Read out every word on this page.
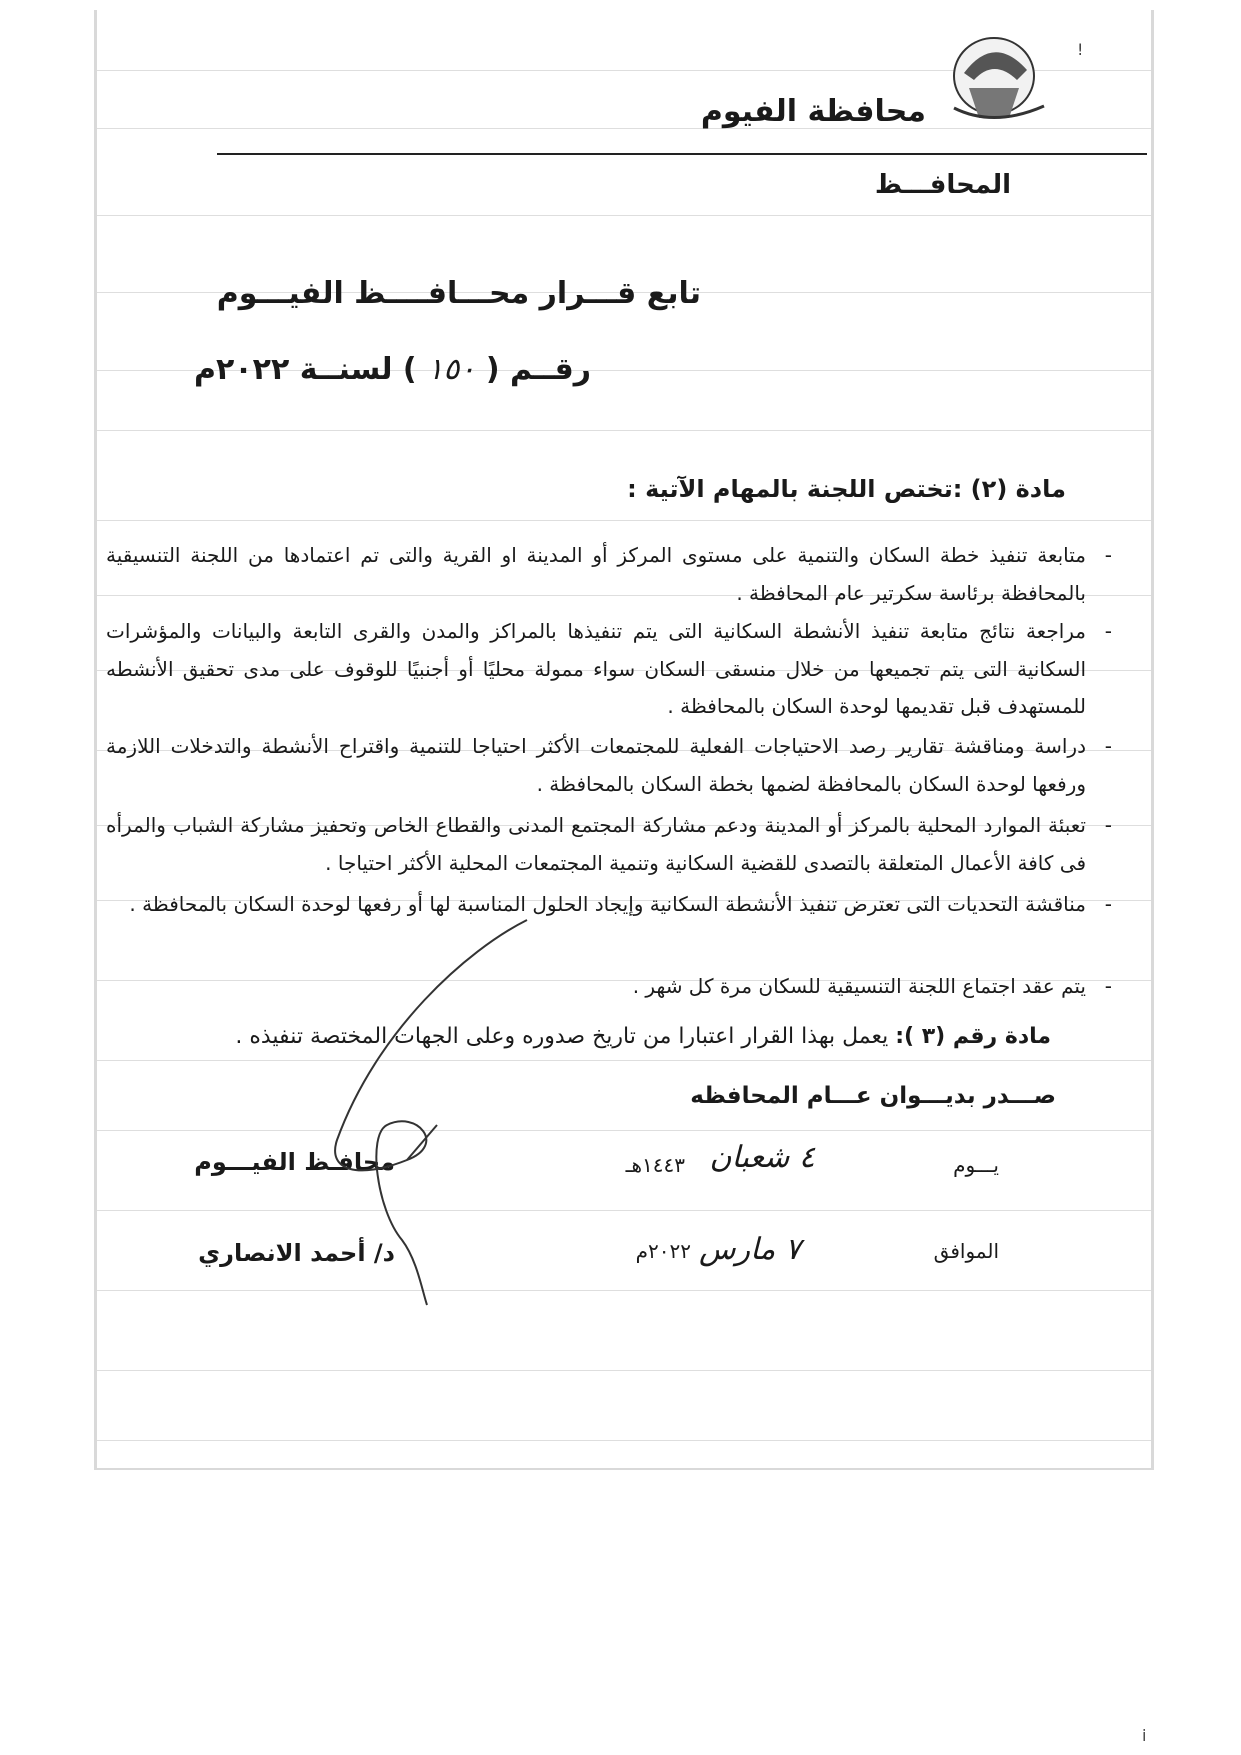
محافظة الفيوم
المحافـــظ
تابع قـــرار محـــافــــظ الفيـــوم
رقــم ( ١٥٠ ) لسنــة ٢٠٢٢م
مادة (٢) :تختص اللجنة بالمهام الآتية :
-
متابعة تنفيذ خطة السكان والتنمية على مستوى المركز أو المدينة او القرية والتى تم اعتمادها من اللجنة التنسيقية بالمحافظة برئاسة سكرتير عام المحافظة .
-
مراجعة نتائج متابعة تنفيذ الأنشطة السكانية التى يتم تنفيذها بالمراكز والمدن والقرى التابعة والبيانات والمؤشرات السكانية التى يتم تجميعها من خلال منسقى السكان سواء ممولة محليًا أو أجنبيًا للوقوف على مدى تحقيق الأنشطه للمستهدف قبل تقديمها لوحدة السكان بالمحافظة .
-
دراسة ومناقشة تقارير رصد الاحتياجات الفعلية للمجتمعات الأكثر احتياجا للتنمية واقتراح الأنشطة والتدخلات اللازمة ورفعها لوحدة السكان بالمحافظة لضمها بخطة السكان بالمحافظة .
-
تعبئة الموارد المحلية بالمركز أو المدينة ودعم مشاركة المجتمع المدنى والقطاع الخاص وتحفيز مشاركة الشباب والمرأه فى كافة الأعمال المتعلقة بالتصدى للقضية السكانية وتنمية المجتمعات المحلية الأكثر احتياجا .
-
مناقشة التحديات التى تعترض تنفيذ الأنشطة السكانية وإيجاد الحلول المناسبة لها أو رفعها لوحدة السكان بالمحافظة .
-
يتم عقد اجتماع اللجنة التنسيقية للسكان مرة كل شهر .
مادة رقم (٣ ): يعمل بهذا القرار اعتبارا من تاريخ صدوره وعلى الجهات المختصة تنفيذه .
صـــدر بديـــوان عـــام المحافظه
يـــوم
٤ شعبان
١٤٤٣هـ
الموافق
٧ مارس
٢٠٢٢م
محافـظ الفيـــوم
د/ أحمد الانصاري
!
i
